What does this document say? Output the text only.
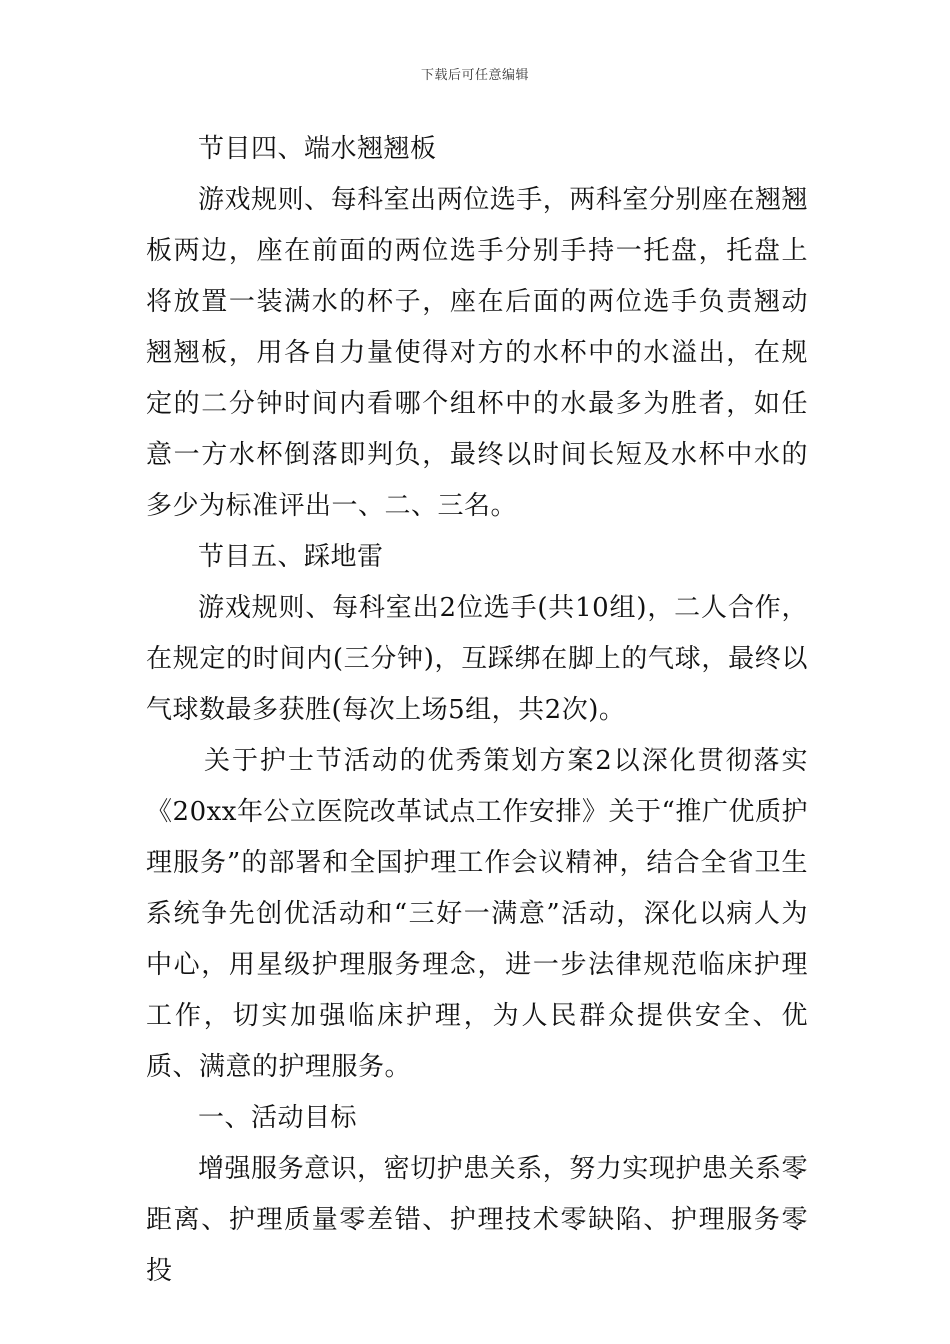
下载后可任意编辑

节目四、端水翘翘板

游戏规则、每科室出两位选手，两科室分别座在翘翘板两边，座在前面的两位选手分别手持一托盘，托盘上将放置一装满水的杯子，座在后面的两位选手负责翘动翘翘板，用各自力量使得对方的水杯中的水溢出，在规定的二分钟时间内看哪个组杯中的水最多为胜者，如任意一方水杯倒落即判负，最终以时间长短及水杯中水的多少为标准评出一、二、三名。

节目五、踩地雷

游戏规则、每科室出2位选手(共10组)，二人合作，在规定的时间内(三分钟)，互踩绑在脚上的气球，最终以气球数最多获胜(每次上场5组，共2次)。

关于护士节活动的优秀策划方案2以深化贯彻落实《20xx年公立医院改革试点工作安排》关于“推广优质护理服务”的部署和全国护理工作会议精神，结合全省卫生系统争先创优活动和“三好一满意”活动，深化以病人为中心，用星级护理服务理念，进一步法律规范临床护理工作，切实加强临床护理，为人民群众提供安全、优质、满意的护理服务。

一、活动目标

增强服务意识，密切护患关系，努力实现护患关系零距离、护理质量零差错、护理技术零缺陷、护理服务零投
